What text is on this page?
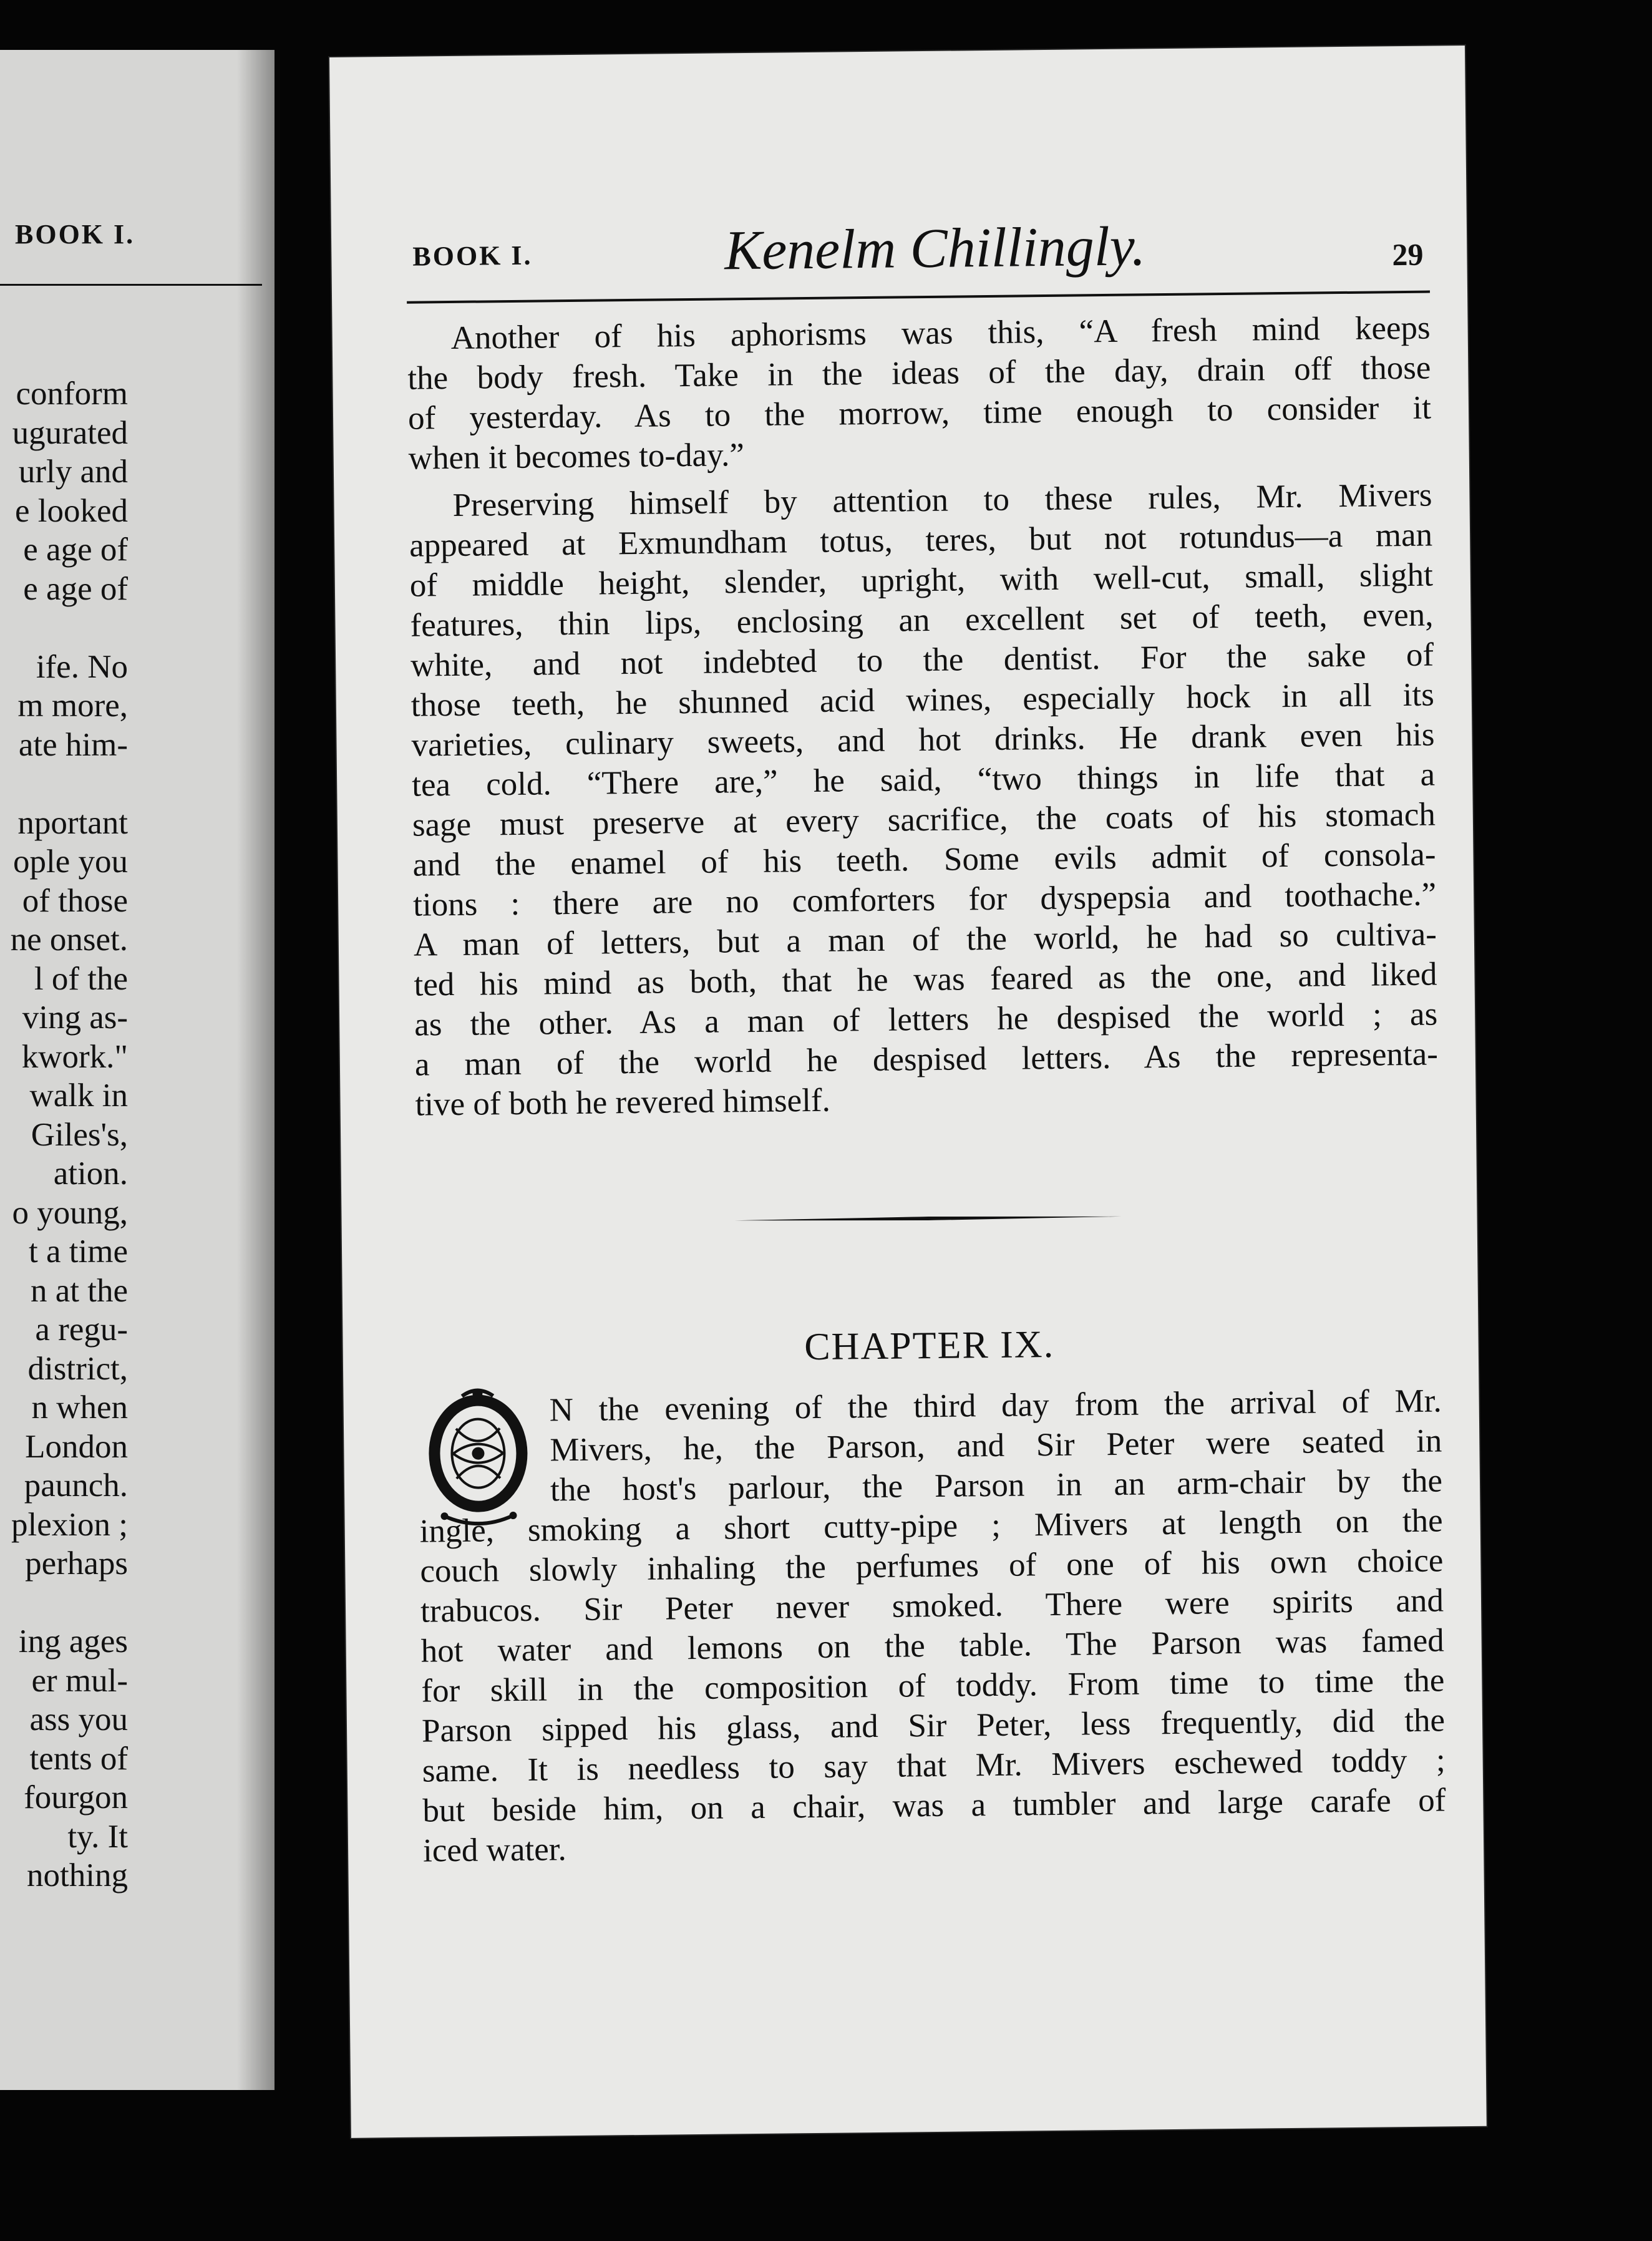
BOOK I.
conform
ugurated
urly and
e looked
e age of
e age of
ife. No
m more,
ate him-
nportant
ople you
of those
ne onset.
l of the
ving as-
kwork."
walk in
Giles's,
ation.
o young,
t a time
n at the
a regu-
district,
n when
London
paunch.
plexion ;
perhaps
ing ages
er mul-
ass you
tents of
fourgon
ty. It
nothing
BOOK I.	Kenelm Chillingly.	29
Another of his aphorisms was this, “A fresh mind keeps
the body fresh. Take in the ideas of the day, drain off those
of yesterday. As to the morrow, time enough to consider it
when it becomes to-day.”
Preserving himself by attention to these rules, Mr. Mivers
appeared at Exmundham totus, teres, but not rotundus—a man
of middle height, slender, upright, with well-cut, small, slight
features, thin lips, enclosing an excellent set of teeth, even,
white, and not indebted to the dentist. For the sake of
those teeth, he shunned acid wines, especially hock in all its
varieties, culinary sweets, and hot drinks. He drank even his
tea cold. “There are,” he said, “two things in life that a
sage must preserve at every sacrifice, the coats of his stomach
and the enamel of his teeth. Some evils admit of consola-
tions : there are no comforters for dyspepsia and toothache.”
A man of letters, but a man of the world, he had so cultiva-
ted his mind as both, that he was feared as the one, and liked
as the other. As a man of letters he despised the world ; as
a man of the world he despised letters. As the representa-
tive of both he revered himself.
CHAPTER IX.
N the evening of the third day from the arrival of Mr.
Mivers, he, the Parson, and Sir Peter were seated in
the host's parlour, the Parson in an arm-chair by the
ingle, smoking a short cutty-pipe ; Mivers at length on the
couch slowly inhaling the perfumes of one of his own choice
trabucos. Sir Peter never smoked. There were spirits and
hot water and lemons on the table. The Parson was famed
for skill in the composition of toddy. From time to time the
Parson sipped his glass, and Sir Peter, less frequently, did the
same. It is needless to say that Mr. Mivers eschewed toddy ;
but beside him, on a chair, was a tumbler and large carafe of
iced water.
